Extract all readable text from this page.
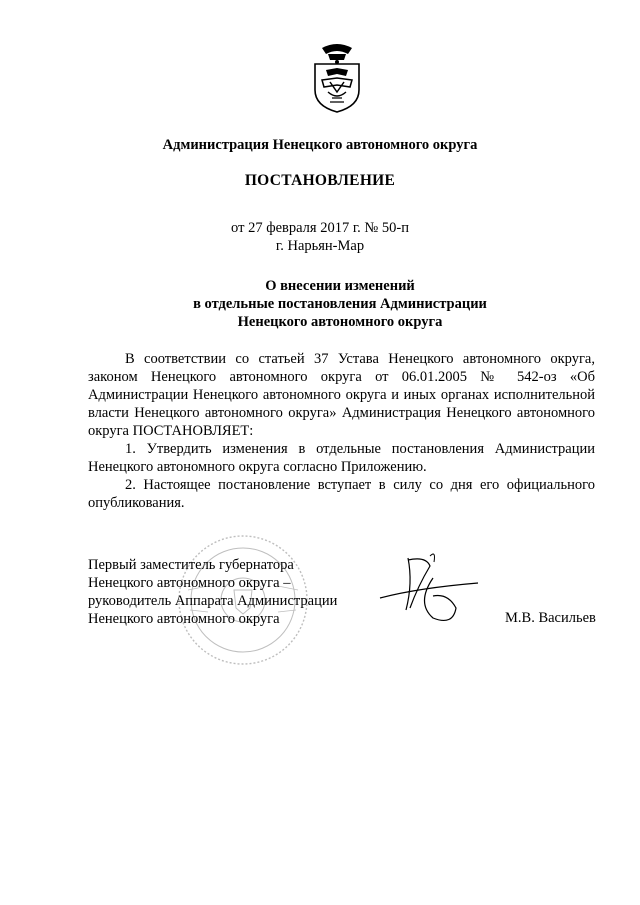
Администрация Ненецкого автономного округа
ПОСТАНОВЛЕНИЕ
от 27 февраля 2017 г. № 50-п
г. Нарьян-Мар
О внесении изменений
в отдельные постановления Администрации
Ненецкого автономного округа

В соответствии со статьей 37 Устава Ненецкого автономного округа, законом Ненецкого автономного округа от 06.01.2005 № 542-оз «Об Администрации Ненецкого автономного округа и иных органах исполнительной власти Ненецкого автономного округа» Администрация Ненецкого автономного округа ПОСТАНОВЛЯЕТ:

1. Утвердить изменения в отдельные постановления Администрации Ненецкого автономного округа согласно Приложению.

2. Настоящее постановление вступает в силу со дня его официального опубликования.

Первый заместитель губернатора
Ненецкого автономного округа –
руководитель Аппарата Администрации
Ненецкого автономного округа	М.В. Васильев
